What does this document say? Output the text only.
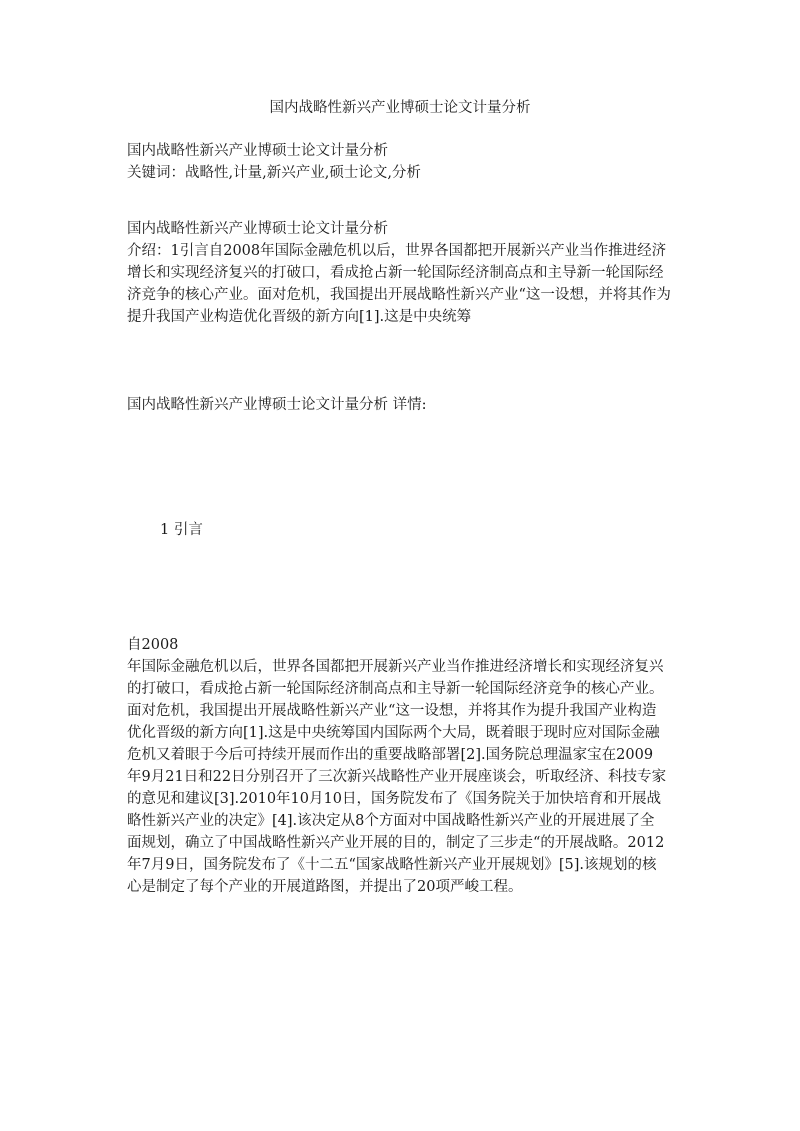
国内战略性新兴产业博硕士论文计量分析

国内战略性新兴产业博硕士论文计量分析

关键词：战略性,计量,新兴产业,硕士论文,分析

国内战略性新兴产业博硕士论文计量分析

介绍：1引言自2008年国际金融危机以后，世界各国都把开展新兴产业当作推进经济增长和实现经济复兴的打破口，看成抢占新一轮国际经济制高点和主导新一轮国际经济竞争的核心产业。面对危机，我国提出开展战略性新兴产业“这一设想，并将其作为提升我国产业构造优化晋级的新方向[1].这是中央统筹

国内战略性新兴产业博硕士论文计量分析 详情:

1 引言

自2008

年国际金融危机以后，世界各国都把开展新兴产业当作推进经济增长和实现经济复兴的打破口，看成抢占新一轮国际经济制高点和主导新一轮国际经济竞争的核心产业。面对危机，我国提出开展战略性新兴产业“这一设想，并将其作为提升我国产业构造优化晋级的新方向[1].这是中央统筹国内国际两个大局，既着眼于现时应对国际金融危机又着眼于今后可持续开展而作出的重要战略部署[2].国务院总理温家宝在2009年9月21日和22日分别召开了三次新兴战略性产业开展座谈会，听取经济、科技专家的意见和建议[3].2010年10月10日，国务院发布了《国务院关于加快培育和开展战略性新兴产业的决定》[4].该决定从8个方面对中国战略性新兴产业的开展进展了全面规划，确立了中国战略性新兴产业开展的目的，制定了三步走“的开展战略。2012年7月9日，国务院发布了《十二五“国家战略性新兴产业开展规划》[5].该规划的核心是制定了每个产业的开展道路图，并提出了20项严峻工程。
